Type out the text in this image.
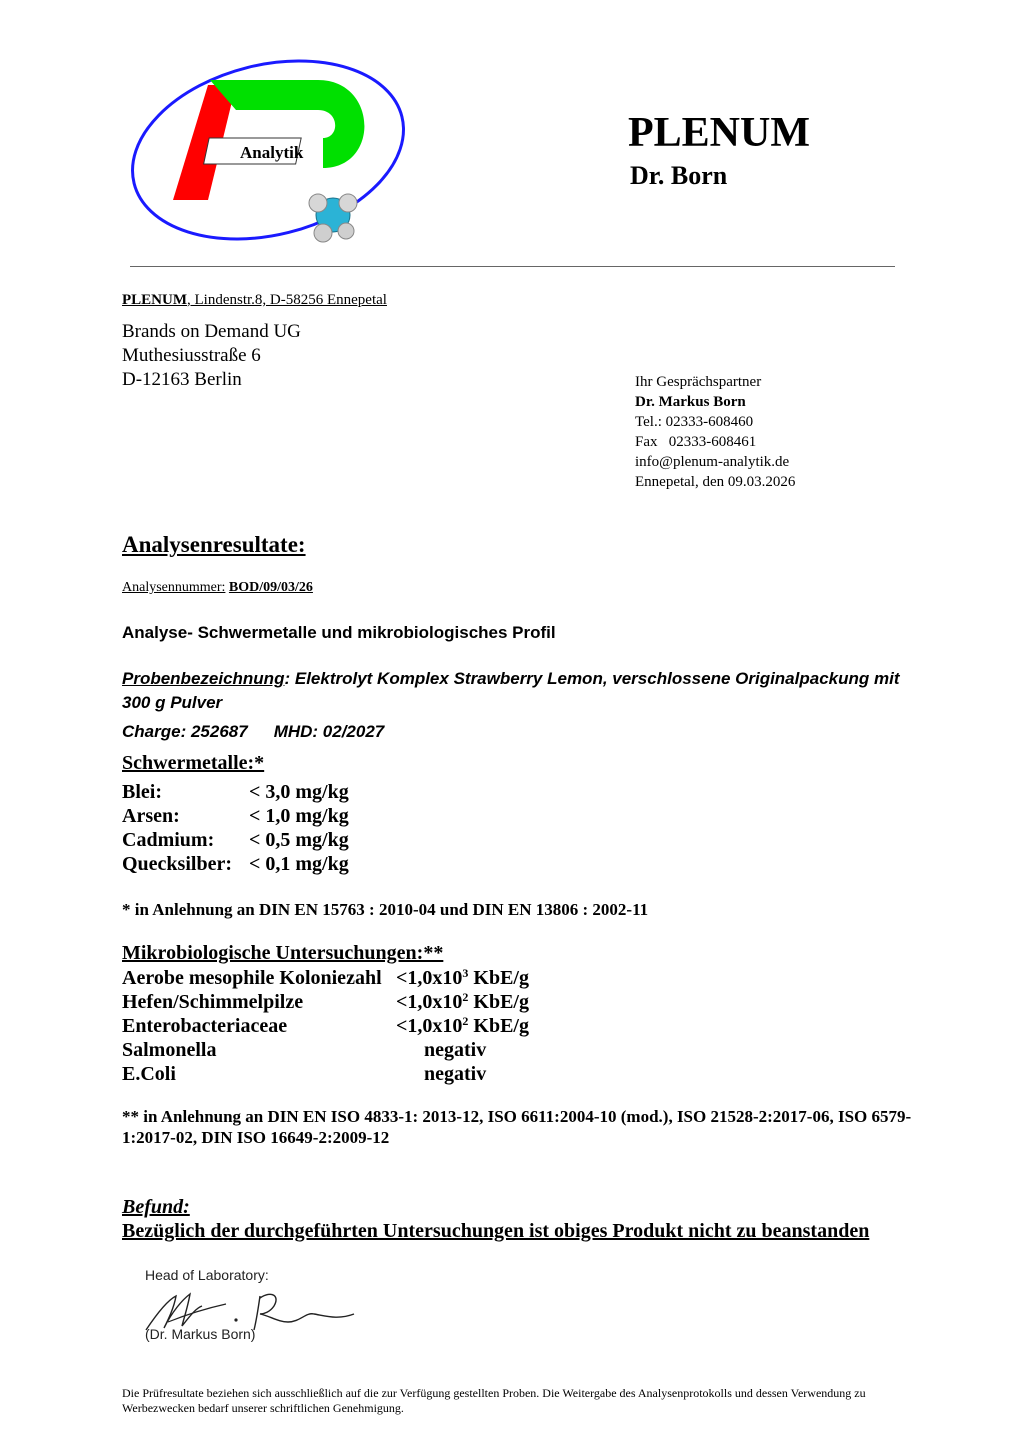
Analytik	PLENUM
Dr. Born
PLENUM, Lindenstr.8, D-58256 Ennepetal
Brands on Demand UG
Muthesiusstraße 6
D-12163 Berlin	Ihr Gesprächspartner
Dr. Markus Born
Tel.: 02333-608460
Fax   02333-608461
info@plenum-analytik.de
Ennepetal, den 09.03.2026
Analysenresultate:
Analysennummer: BOD/09/03/26
Analyse- Schwermetalle und mikrobiologisches Profil
Probenbezeichnung: Elektrolyt Komplex Strawberry Lemon, verschlossene Originalpackung mit 300 g Pulver
Charge: 252687 MHD: 02/2027
Schwermetalle:*
Blei:	< 3,0 mg/kg
Arsen:	< 1,0 mg/kg
Cadmium: < 0,5 mg/kg
Quecksilber: < 0,1 mg/kg
* in Anlehnung an DIN EN 15763 : 2010-04 und DIN EN 13806 : 2002-11
Mikrobiologische Untersuchungen:**
Aerobe mesophile Koloniezahl $<1,0x10^3$ KbE/g
Hefen/Schimmelpilze	$<1,0x10^2$ KbE/g
Enterobacteriaceae	$<1,0x10^2$ KbE/g
Salmonella	negativ
E.Coli	negativ
** in Anlehnung an DIN EN ISO 4833-1: 2013-12, ISO 6611:2004-10 (mod.), ISO 21528-2:2017-06, ISO 6579-1:2017-02, DIN ISO 16649-2:2009-12
Befund:
Bezüglich der durchgeführten Untersuchungen ist obiges Produkt nicht zu beanstanden
Head of Laboratory:
(Dr. Markus Born)
Die Prüfresultate beziehen sich ausschließlich auf die zur Verfügung gestellten Proben. Die Weitergabe des Analysenprotokolls und dessen Verwendung zu Werbezwecken bedarf unserer schriftlichen Genehmigung.
